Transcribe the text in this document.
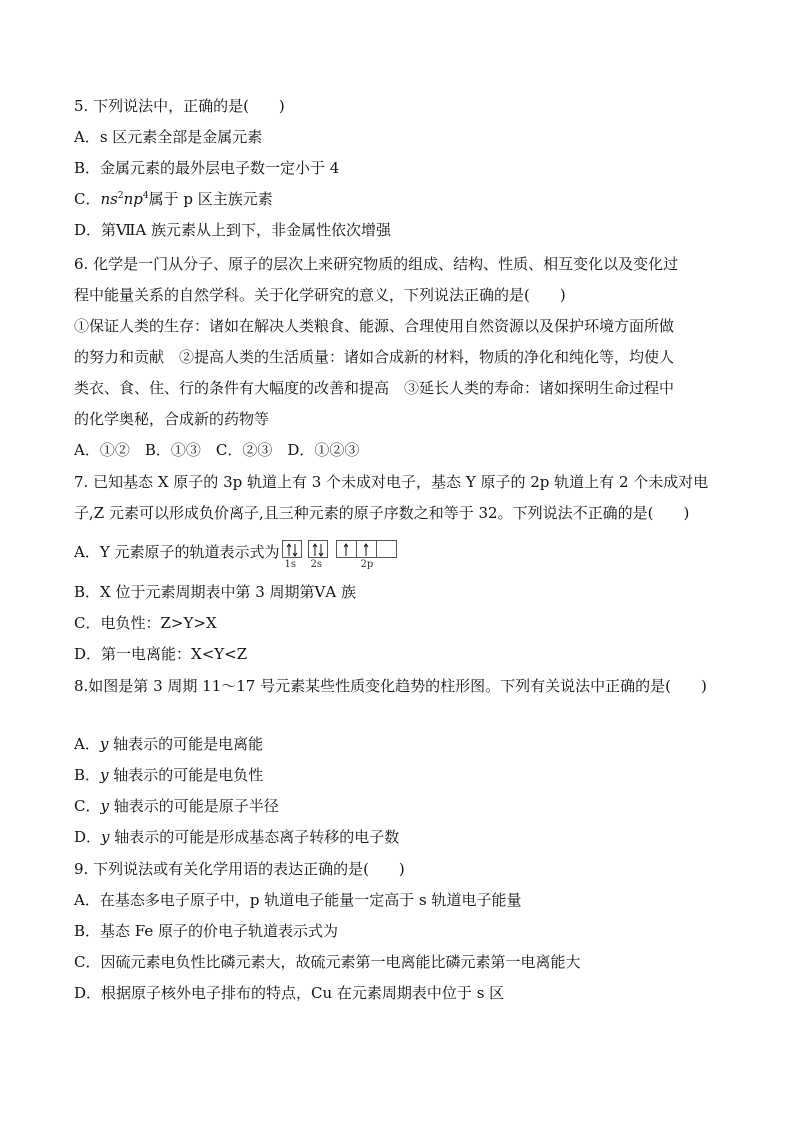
5. 下列说法中，正确的是(　　)
A．s 区元素全部是金属元素
B．金属元素的最外层电子数一定小于 4
C．$ns^2np^4$属于 p 区主族元素
D．第ⅦA 族元素从上到下，非金属性依次增强
6. 化学是一门从分子、原子的层次上来研究物质的组成、结构、性质、相互变化以及变化过
程中能量关系的自然学科。关于化学研究的意义，下列说法正确的是(　　)
①保证人类的生存：诸如在解决人类粮食、能源、合理使用自然资源以及保护环境方面所做
的努力和贡献　②提高人类的生活质量：诸如合成新的材料，物质的净化和纯化等，均使人
类衣、食、住、行的条件有大幅度的改善和提高　③延长人类的寿命：诸如探明生命过程中
的化学奥秘，合成新的药物等
A．①②　B．①③　C．②③　D．①②③
7. 已知基态 X 原子的 3p 轨道上有 3 个未成对电子，基态 Y 原子的 2p 轨道上有 2 个未成对电
子,Z 元素可以形成负价离子,且三种元素的原子序数之和等于 32。下列说法不正确的是(　　)
A．Y 元素原子的轨道表示式为
1s 2s	2p
B．X 位于元素周期表中第 3 周期第ⅤA 族
C．电负性：Z>Y>X
D．第一电离能：X<Y<Z
8.如图是第 3 周期 11～17 号元素某些性质变化趋势的柱形图。下列有关说法中正确的是(　　)
A．y 轴表示的可能是电离能
B．y 轴表示的可能是电负性
C．y 轴表示的可能是原子半径
D．y 轴表示的可能是形成基态离子转移的电子数
9. 下列说法或有关化学用语的表达正确的是(　　)
A．在基态多电子原子中，p 轨道电子能量一定高于 s 轨道电子能量
B．基态 Fe 原子的价电子轨道表示式为
C．因硫元素电负性比磷元素大，故硫元素第一电离能比磷元素第一电离能大
D．根据原子核外电子排布的特点，Cu 在元素周期表中位于 s 区
